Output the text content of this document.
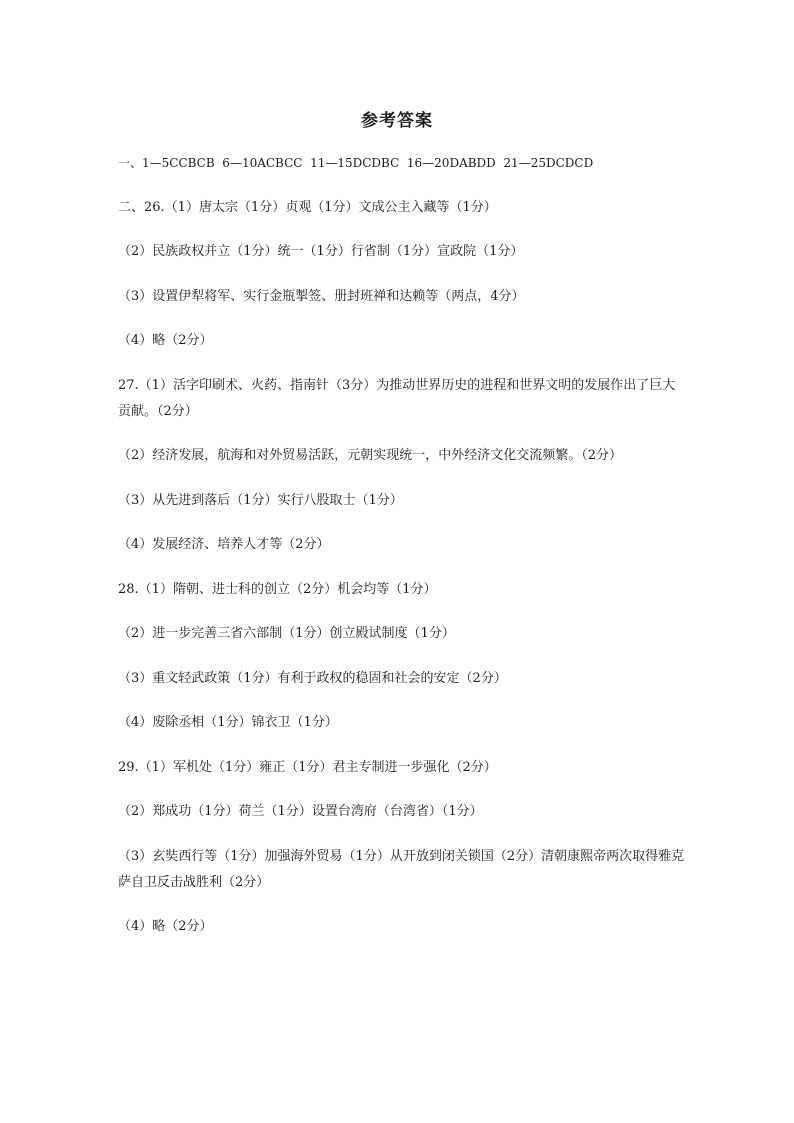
参考答案

一、1—5CCBCB  6—10ACBCC  11—15DCDBC  16—20DABDD  21—25DCDCD

二、26.（1）唐太宗（1分）贞观（1分）文成公主入藏等（1分）

（2）民族政权并立（1分）统一（1分）行省制（1分）宣政院（1分）

（3）设置伊犁将军、实行金瓶掣签、册封班禅和达赖等（两点，4分）

（4）略（2分）

27.（1）活字印刷术、火药、指南针（3分）为推动世界历史的进程和世界文明的发展作出了巨大贡献。（2分）

（2）经济发展，航海和对外贸易活跃，元朝实现统一，中外经济文化交流频繁。（2分）

（3）从先进到落后（1分）实行八股取士（1分）

（4）发展经济、培养人才等（2分）

28.（1）隋朝、进士科的创立（2分）机会均等（1分）

（2）进一步完善三省六部制（1分）创立殿试制度（1分）

（3）重文轻武政策（1分）有利于政权的稳固和社会的安定（2分）

（4）废除丞相（1分）锦衣卫（1分）

29.（1）军机处（1分）雍正（1分）君主专制进一步强化（2分）

（2）郑成功（1分）荷兰（1分）设置台湾府（台湾省）（1分）

（3）玄奘西行等（1分）加强海外贸易（1分）从开放到闭关锁国（2分）清朝康熙帝两次取得雅克萨自卫反击战胜利（2分）

（4）略（2分）
